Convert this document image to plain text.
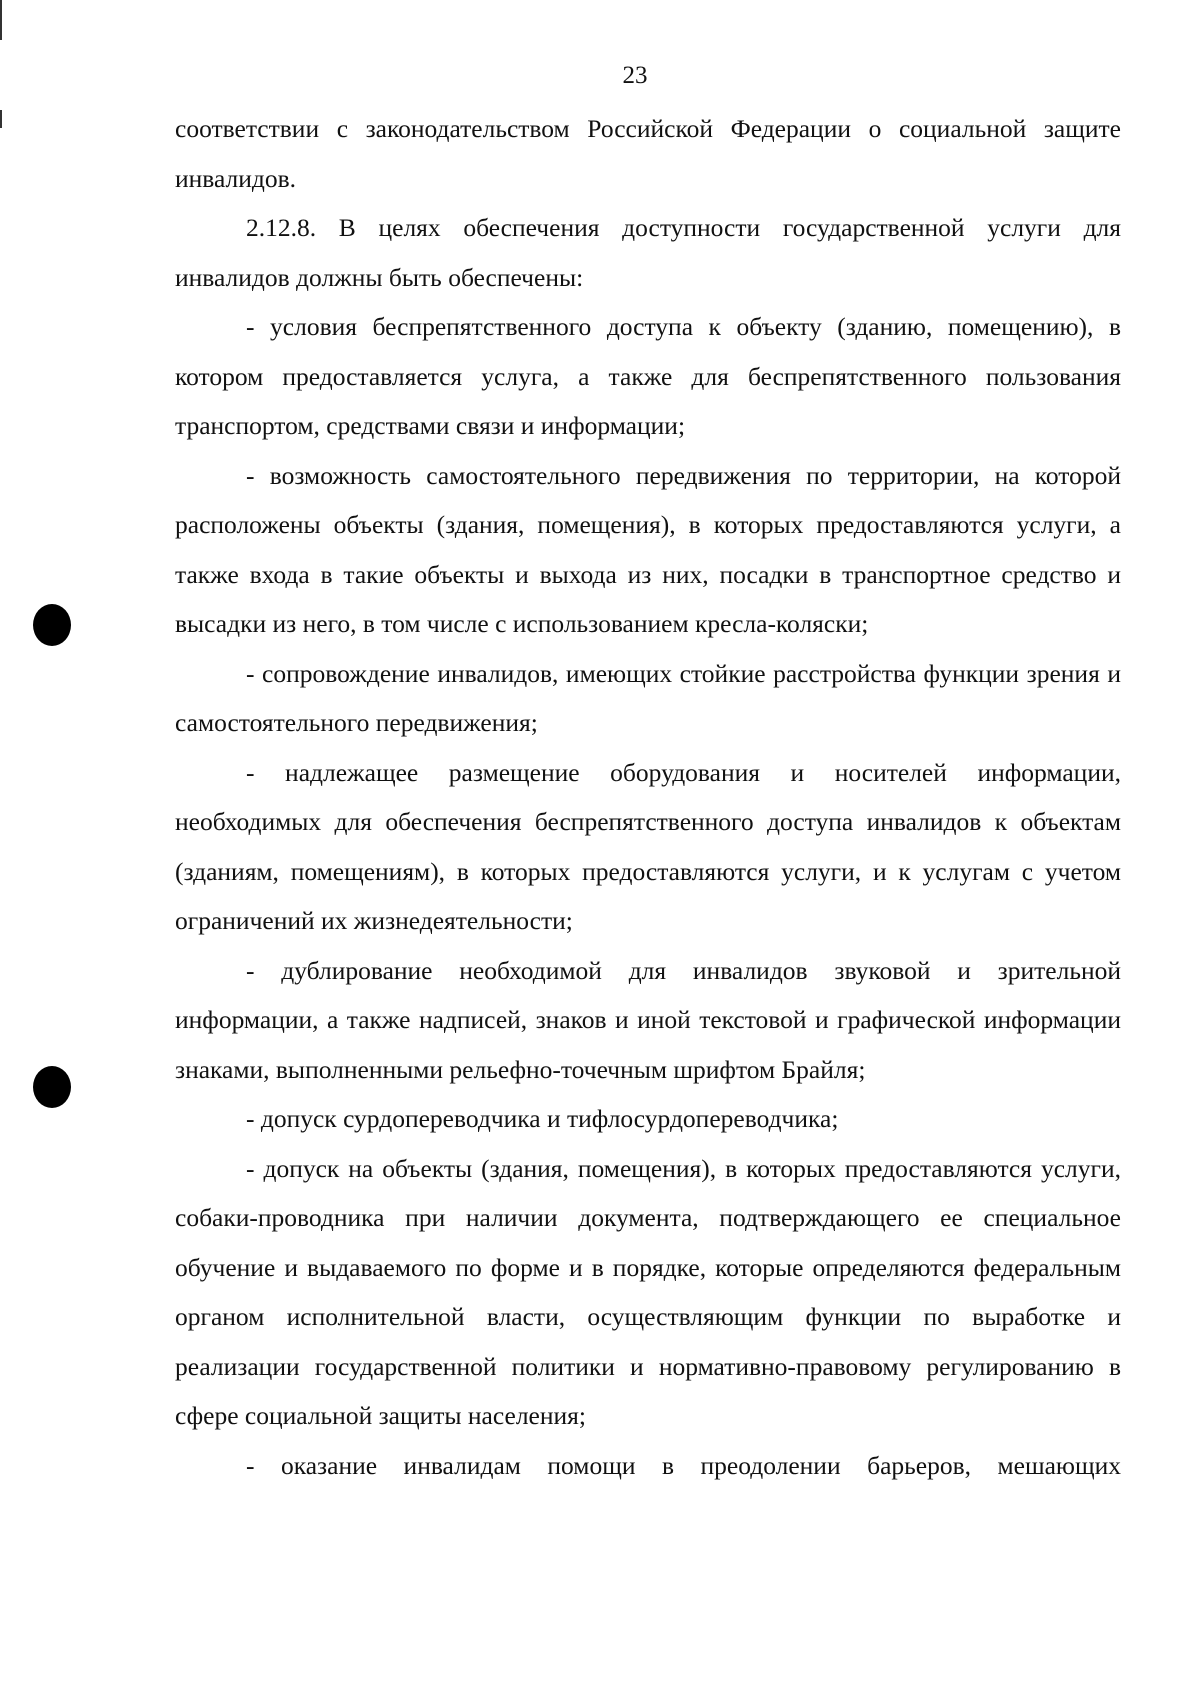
23

соответствии с законодательством Российской Федерации о социальной защите инвалидов.

2.12.8. В целях обеспечения доступности государственной услуги для инвалидов должны быть обеспечены:

- условия беспрепятственного доступа к объекту (зданию, помещению), в котором предоставляется услуга, а также для беспрепятственного пользования транспортом, средствами связи и информации;

- возможность самостоятельного передвижения по территории, на которой расположены объекты (здания, помещения), в которых предоставляются услуги, а также входа в такие объекты и выхода из них, посадки в транспортное средство и высадки из него, в том числе с использованием кресла-коляски;

- сопровождение инвалидов, имеющих стойкие расстройства функции зрения и самостоятельного передвижения;

- надлежащее размещение оборудования и носителей информации, необходимых для обеспечения беспрепятственного доступа инвалидов к объектам (зданиям, помещениям), в которых предоставляются услуги, и к услугам с учетом ограничений их жизнедеятельности;

- дублирование необходимой для инвалидов звуковой и зрительной информации, а также надписей, знаков и иной текстовой и графической информации знаками, выполненными рельефно-точечным шрифтом Брайля;

- допуск сурдопереводчика и тифлосурдопереводчика;

- допуск на объекты (здания, помещения), в которых предоставляются услуги, собаки-проводника при наличии документа, подтверждающего ее специальное обучение и выдаваемого по форме и в порядке, которые определяются федеральным органом исполнительной власти, осуществляющим функции по выработке и реализации государственной политики и нормативно-правовому регулированию в сфере социальной защиты населения;

- оказание инвалидам помощи в преодолении барьеров, мешающих
